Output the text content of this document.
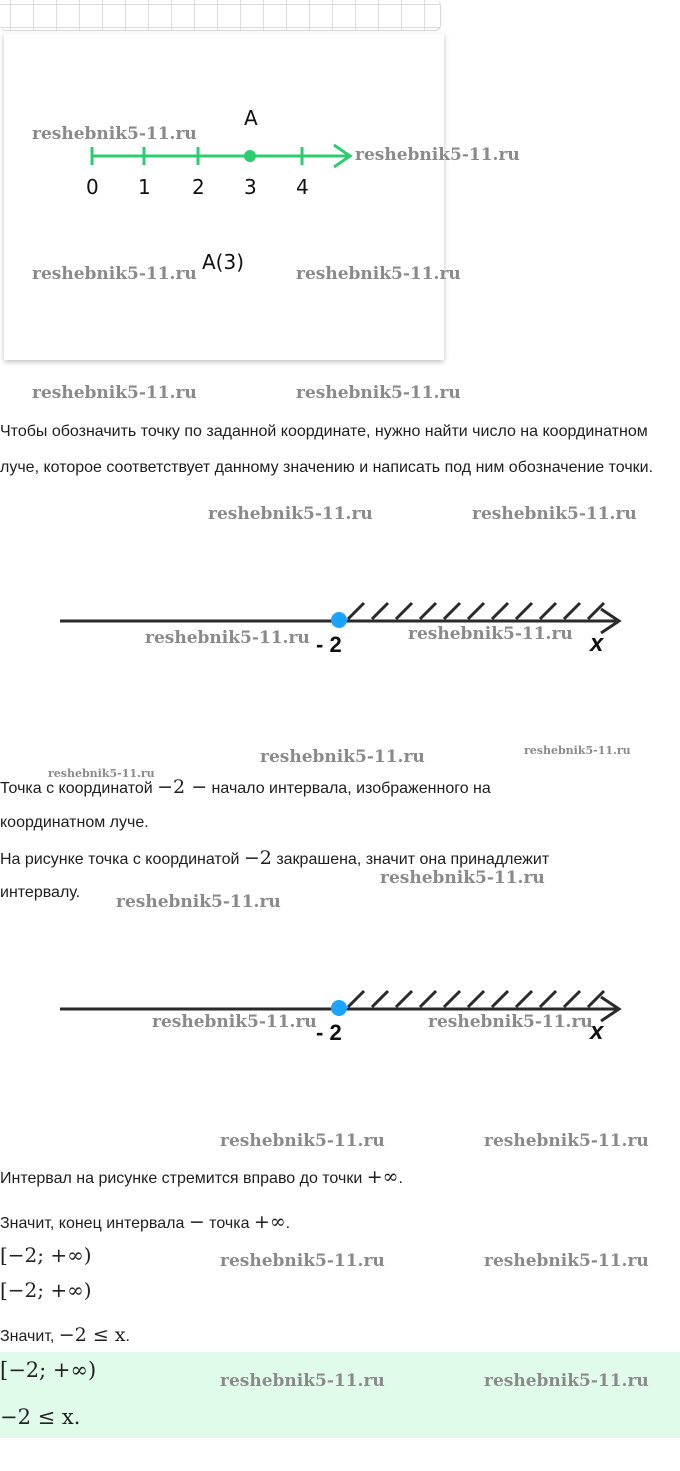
A
0 1 2 3 4
A(3)
reshebnik5-11.ru
reshebnik5-11.ru
reshebnik5-11.ru	reshebnik5-11.ru
reshebnik5-11.ru	reshebnik5-11.ru
Чтобы обозначить точку по заданной координате, нужно найти число на координатном луче, которое соответствует данному значению и написать под ним обозначение точки.
reshebnik5-11.ru	reshebnik5-11.ru
- 2	x
reshebnik5-11.ru	reshebnik5-11.ru
reshebnik5-11.ru	reshebnik5-11.ru
reshebnik5-11.ru
Точка с координатой −2 − начало интервала, изображенного на
координатном луче.
На рисунке точка с координатой −2 закрашена, значит она принадлежит
интервалу.
reshebnik5-11.ru
reshebnik5-11.ru
- 2	x
reshebnik5-11.ru	reshebnik5-11.ru
reshebnik5-11.ru	reshebnik5-11.ru
Интервал на рисунке стремится вправо до точки +∞.
Значит, конец интервала − точка +∞.
[−2; +∞)
[−2; +∞)
reshebnik5-11.ru	reshebnik5-11.ru
Значит, −2 ≤ x.
[−2; +∞)
−2 ≤ x.
reshebnik5-11.ru	reshebnik5-11.ru
